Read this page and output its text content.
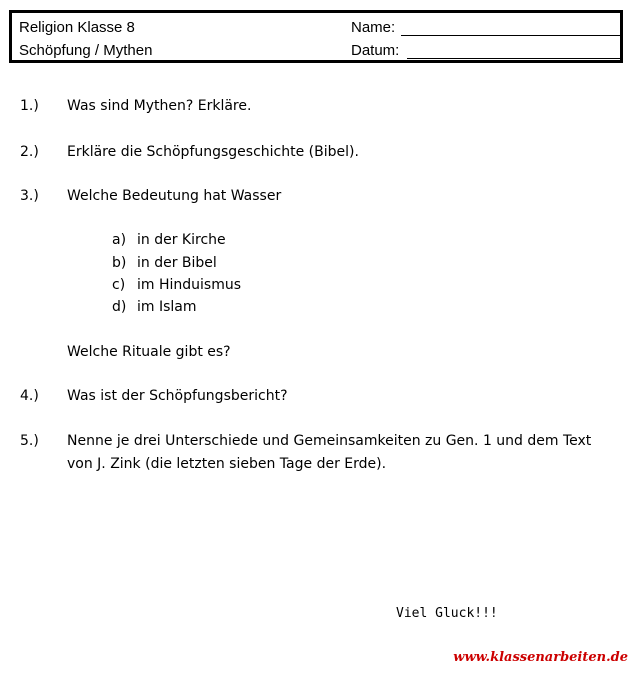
Religion Klasse 8
Schöpfung / Mythen
Name:
Datum:
1.) Was sind Mythen? Erkläre.
2.) Erkläre die Schöpfungsgeschichte (Bibel).
3.) Welche Bedeutung hat Wasser
a) in der Kirche
b) in der Bibel
c) im Hinduismus
d) im Islam
Welche Rituale gibt es?
4.) Was ist der Schöpfungsbericht?
5.) Nenne je drei Unterschiede und Gemeinsamkeiten zu Gen. 1 und dem Text
von J. Zink (die letzten sieben Tage der Erde).
Viel Gluck!!!
www.klassenarbeiten.de
